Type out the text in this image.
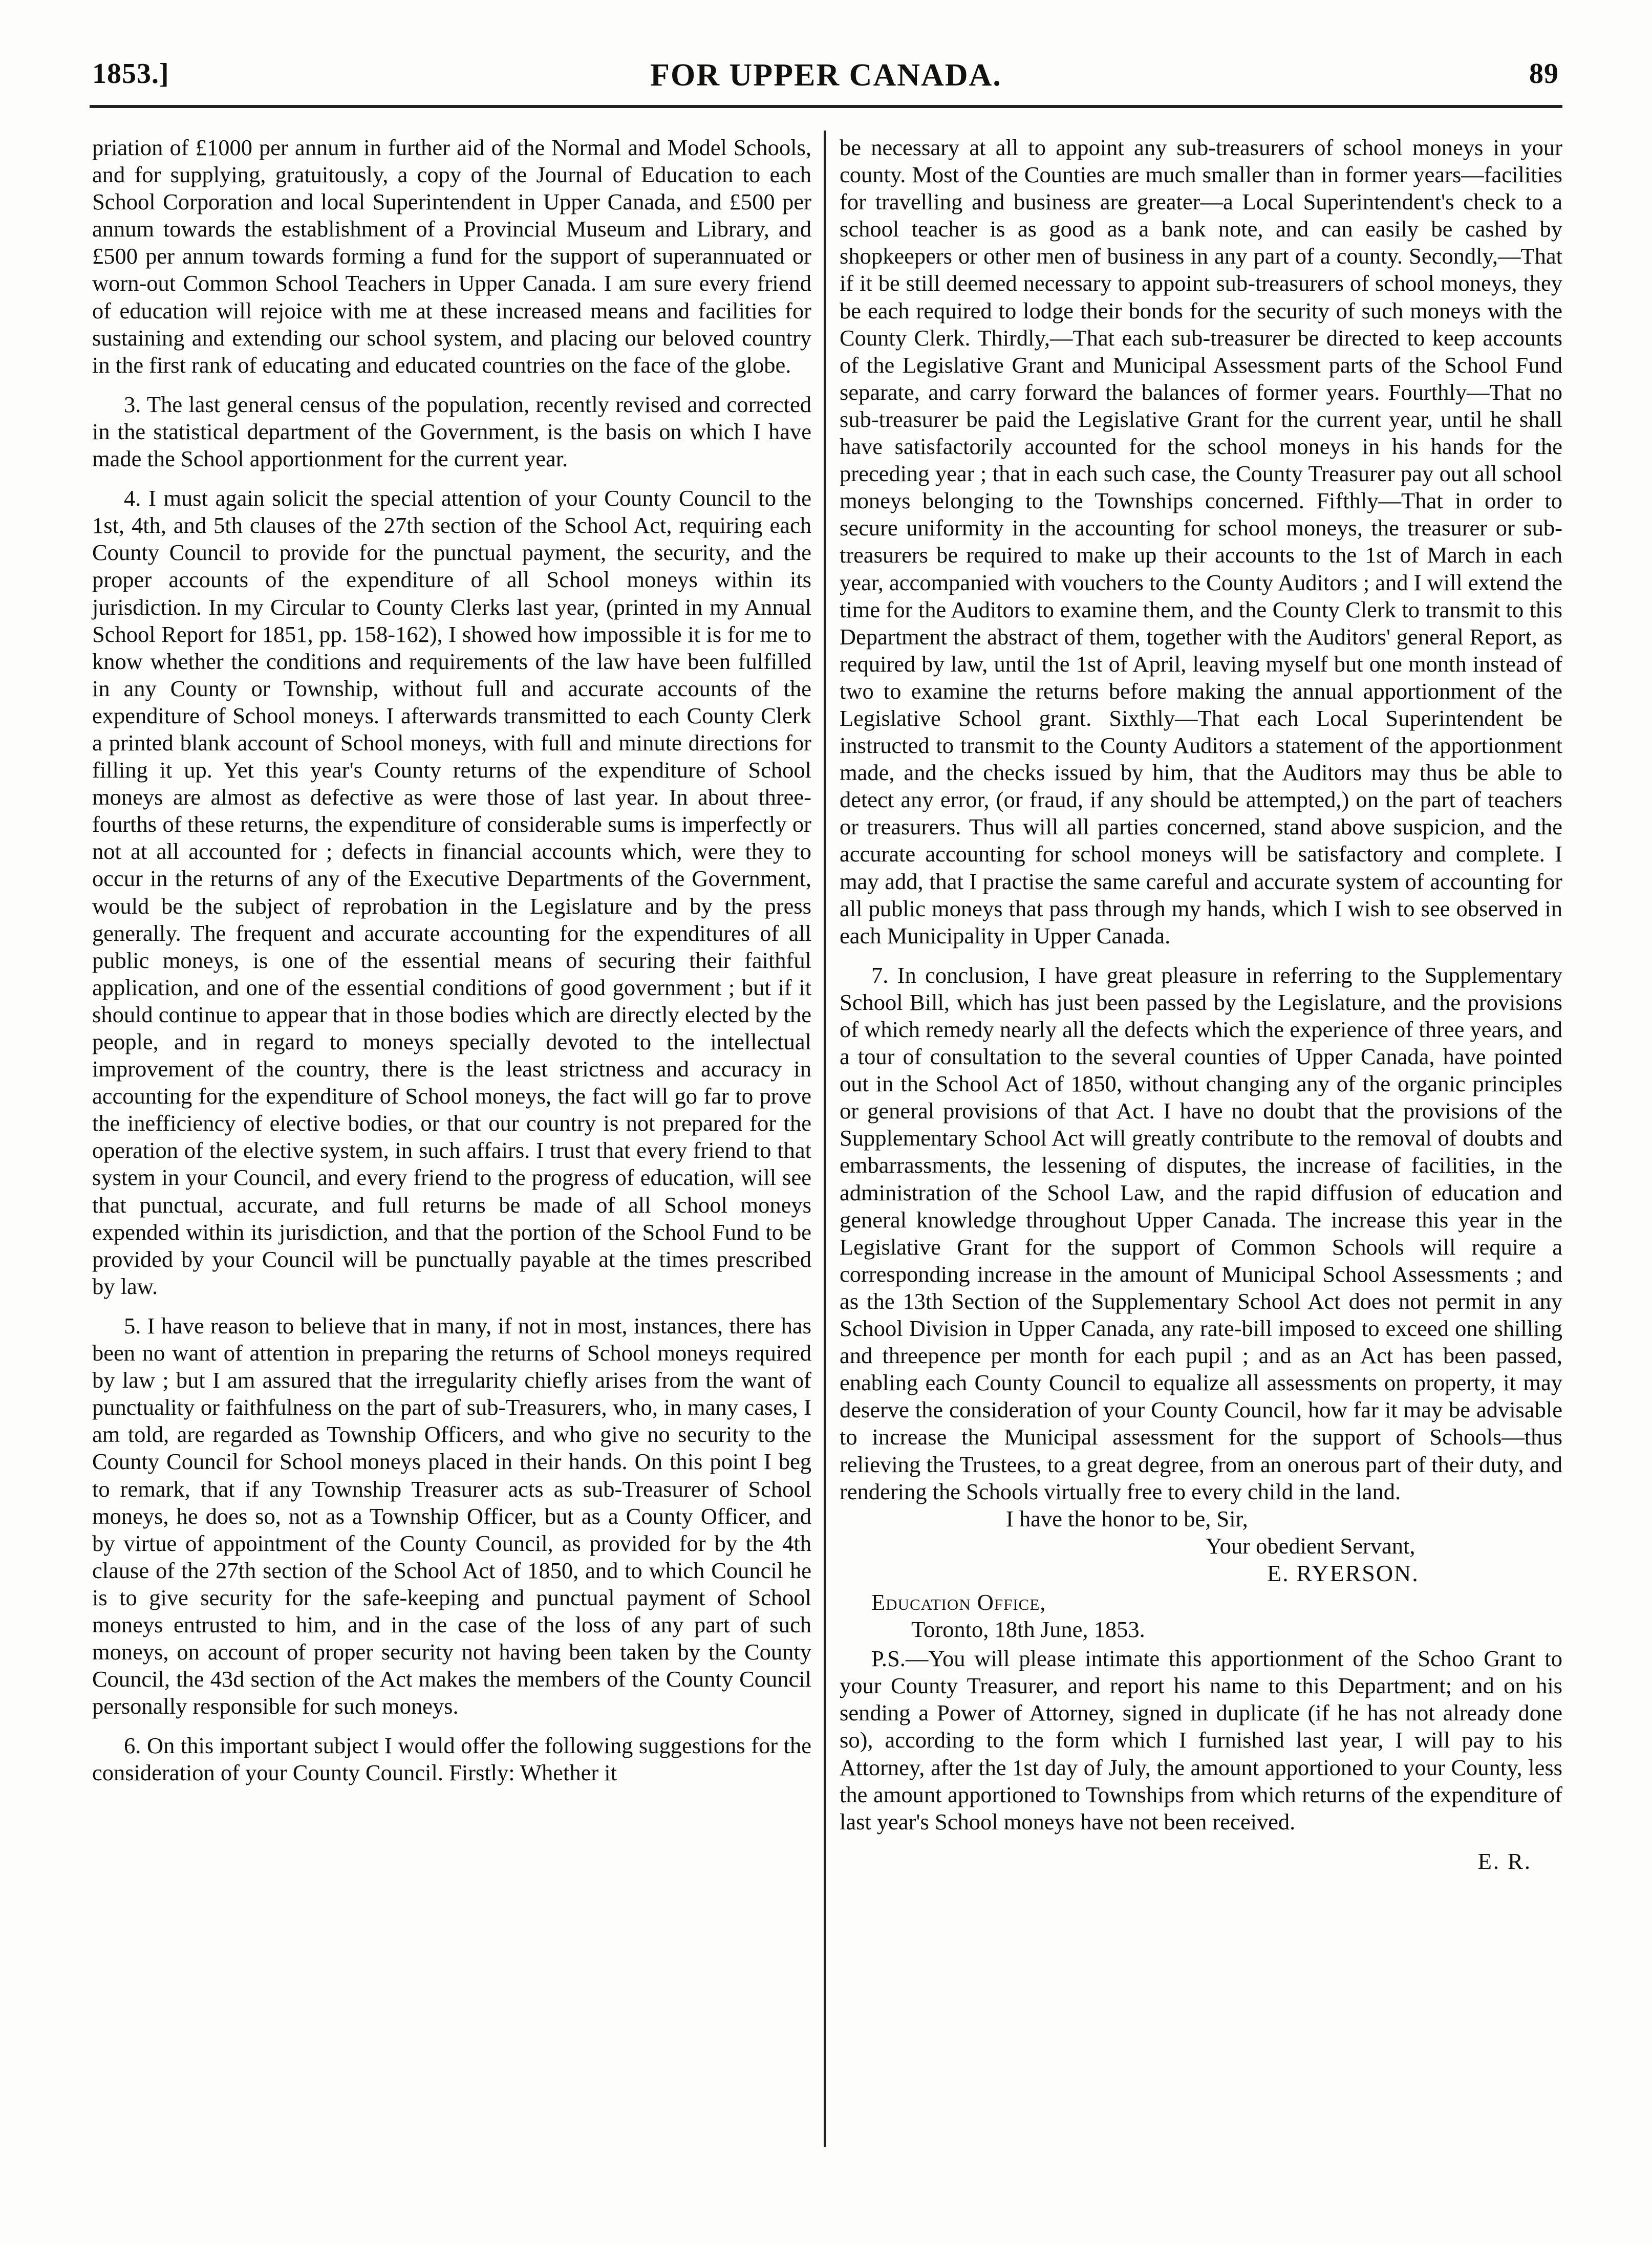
1853.]	FOR UPPER CANADA.	89

priation of £1000 per annum in further aid of the Normal and Model Schools, and for supplying, gratuitously, a copy of the Journal of Education to each School Corporation and local Superintendent in Upper Canada, and £500 per annum towards the establishment of a Provincial Museum and Library, and £500 per annum towards forming a fund for the support of superannuated or worn-out Common School Teachers in Upper Canada. I am sure every friend of education will rejoice with me at these increased means and facilities for sustaining and extending our school system, and placing our beloved country in the first rank of educating and educated countries on the face of the globe.

3. The last general census of the population, recently revised and corrected in the statistical department of the Government, is the basis on which I have made the School apportionment for the current year.

4. I must again solicit the special attention of your County Council to the 1st, 4th, and 5th clauses of the 27th section of the School Act, requiring each County Council to provide for the punctual payment, the security, and the proper accounts of the expenditure of all School moneys within its jurisdiction. In my Circular to County Clerks last year, (printed in my Annual School Report for 1851, pp. 158-162), I showed how impossible it is for me to know whether the conditions and requirements of the law have been fulfilled in any County or Township, without full and accurate accounts of the expenditure of School moneys. I afterwards transmitted to each County Clerk a printed blank account of School moneys, with full and minute directions for filling it up. Yet this year's County returns of the expenditure of School moneys are almost as defective as were those of last year. In about three-fourths of these returns, the expenditure of considerable sums is imperfectly or not at all accounted for ; defects in financial accounts which, were they to occur in the returns of any of the Executive Departments of the Government, would be the subject of reprobation in the Legislature and by the press generally. The frequent and accurate accounting for the expenditures of all public moneys, is one of the essential means of securing their faithful application, and one of the essential conditions of good government ; but if it should continue to appear that in those bodies which are directly elected by the people, and in regard to moneys specially devoted to the intellectual improvement of the country, there is the least strictness and accuracy in accounting for the expenditure of School moneys, the fact will go far to prove the inefficiency of elective bodies, or that our country is not prepared for the operation of the elective system, in such affairs. I trust that every friend to that system in your Council, and every friend to the progress of education, will see that punctual, accurate, and full returns be made of all School moneys expended within its jurisdiction, and that the portion of the School Fund to be provided by your Council will be punctually payable at the times prescribed by law.

5. I have reason to believe that in many, if not in most, instances, there has been no want of attention in preparing the returns of School moneys required by law ; but I am assured that the irregularity chiefly arises from the want of punctuality or faithfulness on the part of sub-Treasurers, who, in many cases, I am told, are regarded as Township Officers, and who give no security to the County Council for School moneys placed in their hands. On this point I beg to remark, that if any Township Treasurer acts as sub-Treasurer of School moneys, he does so, not as a Township Officer, but as a County Officer, and by virtue of appointment of the County Council, as provided for by the 4th clause of the 27th section of the School Act of 1850, and to which Council he is to give security for the safe-keeping and punctual payment of School moneys entrusted to him, and in the case of the loss of any part of such moneys, on account of proper security not having been taken by the County Council, the 43d section of the Act makes the members of the County Council personally responsible for such moneys.

6. On this important subject I would offer the following suggestions for the consideration of your County Council. Firstly: Whether it

be necessary at all to appoint any sub-treasurers of school moneys in your county. Most of the Counties are much smaller than in former years—facilities for travelling and business are greater—a Local Superintendent's check to a school teacher is as good as a bank note, and can easily be cashed by shopkeepers or other men of business in any part of a county. Secondly,—That if it be still deemed necessary to appoint sub-treasurers of school moneys, they be each required to lodge their bonds for the security of such moneys with the County Clerk. Thirdly,—That each sub-treasurer be directed to keep accounts of the Legislative Grant and Municipal Assessment parts of the School Fund separate, and carry forward the balances of former years. Fourthly—That no sub-treasurer be paid the Legislative Grant for the current year, until he shall have satisfactorily accounted for the school moneys in his hands for the preceding year ; that in each such case, the County Treasurer pay out all school moneys belonging to the Townships concerned. Fifthly—That in order to secure uniformity in the accounting for school moneys, the treasurer or sub-treasurers be required to make up their accounts to the 1st of March in each year, accompanied with vouchers to the County Auditors ; and I will extend the time for the Auditors to examine them, and the County Clerk to transmit to this Department the abstract of them, together with the Auditors' general Report, as required by law, until the 1st of April, leaving myself but one month instead of two to examine the returns before making the annual apportionment of the Legislative School grant. Sixthly—That each Local Superintendent be instructed to transmit to the County Auditors a statement of the apportionment made, and the checks issued by him, that the Auditors may thus be able to detect any error, (or fraud, if any should be attempted,) on the part of teachers or treasurers. Thus will all parties concerned, stand above suspicion, and the accurate accounting for school moneys will be satisfactory and complete. I may add, that I practise the same careful and accurate system of accounting for all public moneys that pass through my hands, which I wish to see observed in each Municipality in Upper Canada.

7. In conclusion, I have great pleasure in referring to the Supplementary School Bill, which has just been passed by the Legislature, and the provisions of which remedy nearly all the defects which the experience of three years, and a tour of consultation to the several counties of Upper Canada, have pointed out in the School Act of 1850, without changing any of the organic principles or general provisions of that Act. I have no doubt that the provisions of the Supplementary School Act will greatly contribute to the removal of doubts and embarrassments, the lessening of disputes, the increase of facilities, in the administration of the School Law, and the rapid diffusion of education and general knowledge throughout Upper Canada. The increase this year in the Legislative Grant for the support of Common Schools will require a corresponding increase in the amount of Municipal School Assessments ; and as the 13th Section of the Supplementary School Act does not permit in any School Division in Upper Canada, any rate-bill imposed to exceed one shilling and threepence per month for each pupil ; and as an Act has been passed, enabling each County Council to equalize all assessments on property, it may deserve the consideration of your County Council, how far it may be advisable to increase the Municipal assessment for the support of Schools—thus relieving the Trustees, to a great degree, from an onerous part of their duty, and rendering the Schools virtually free to every child in the land.

I have the honor to be, Sir,
Your obedient Servant,
E. RYERSON.
Education Office,
Toronto, 18th June, 1853.

P.S.—You will please intimate this apportionment of the Schoo Grant to your County Treasurer, and report his name to this Department; and on his sending a Power of Attorney, signed in duplicate (if he has not already done so), according to the form which I furnished last year, I will pay to his Attorney, after the 1st day of July, the amount apportioned to your County, less the amount apportioned to Townships from which returns of the expenditure of last year's School moneys have not been received.

E. R.
